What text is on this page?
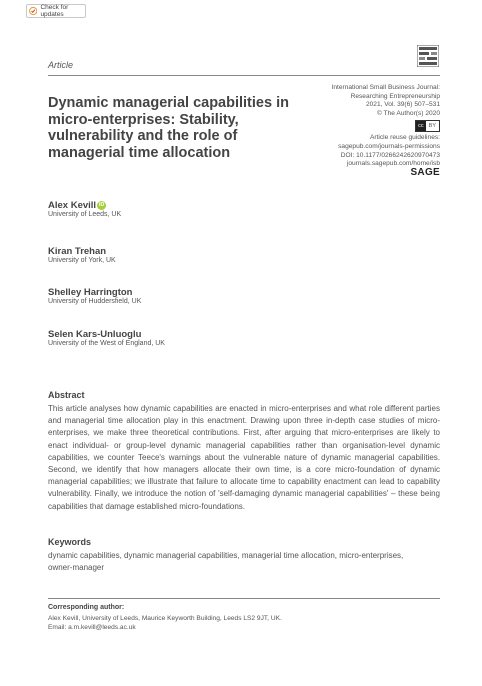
Check for updates
Article
Dynamic managerial capabilities in micro-enterprises: Stability, vulnerability and the role of managerial time allocation
International Small Business Journal:
Researching Entrepreneurship
2021, Vol. 39(6) 507–531
© The Author(s) 2020
cc BY
Article reuse guidelines:
sagepub.com/journals-permissions
DOI: 10.1177/0266242620970473
journals.sagepub.com/home/isb
SAGE
Alex Kevill iD
University of Leeds, UK
Kiran Trehan
University of York, UK
Shelley Harrington
University of Huddersfield, UK
Selen Kars-Unluoglu
University of the West of England, UK
Abstract
This article analyses how dynamic capabilities are enacted in micro-enterprises and what role different parties and managerial time allocation play in this enactment. Drawing upon three in-depth case studies of micro-enterprises, we make three theoretical contributions. First, after arguing that micro-enterprises are likely to enact individual- or group-level dynamic managerial capabilities rather than organisation-level dynamic capabilities, we counter Teece's warnings about the vulnerable nature of dynamic managerial capabilities. Second, we identify that how managers allocate their own time, is a core micro-foundation of dynamic managerial capabilities; we illustrate that failure to allocate time to capability enactment can lead to capability vulnerability. Finally, we introduce the notion of 'self-damaging dynamic managerial capabilities' – these being capabilities that damage established micro-foundations.
Keywords
dynamic capabilities, dynamic managerial capabilities, managerial time allocation, micro-enterprises, owner-manager
Corresponding author:
Alex Kevill, University of Leeds, Maurice Keyworth Building, Leeds LS2 9JT, UK.
Email: a.m.kevill@leeds.ac.uk
